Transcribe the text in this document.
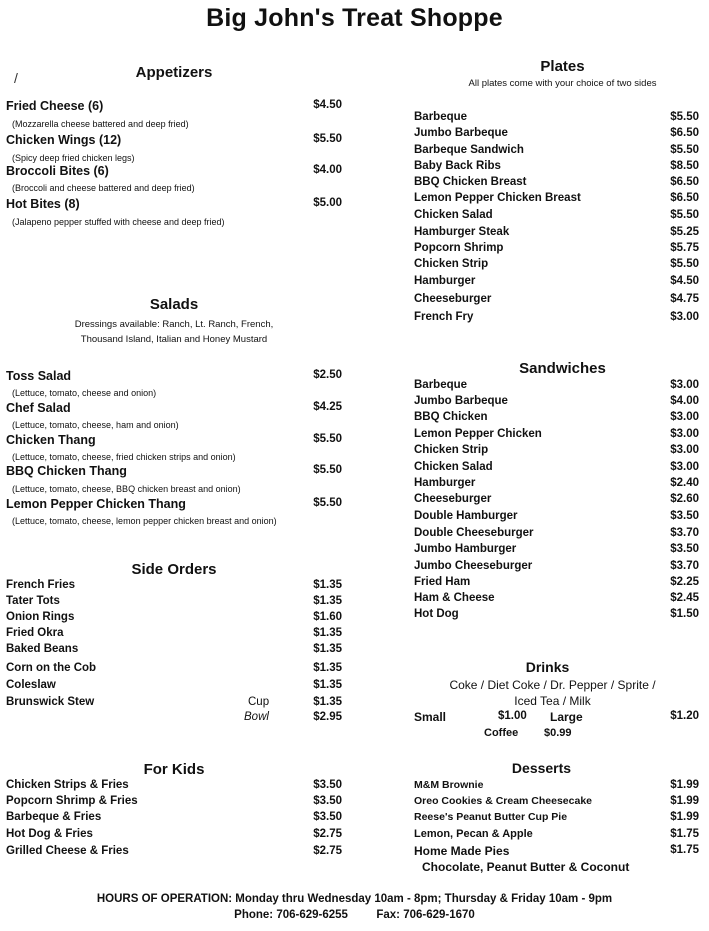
Big John's Treat Shoppe
/	Appetizers
Fried Cheese (6)	$4.50
(Mozzarella cheese battered and deep fried)
Chicken Wings (12)	$5.50
(Spicy deep fried chicken legs)
Broccoli Bites (6)	$4.00
(Broccoli and cheese battered and deep fried)
Hot Bites (8)	$5.00
(Jalapeno pepper stuffed with cheese and deep fried)
Salads
Dressings available: Ranch, Lt. Ranch, French,
Thousand Island, Italian and Honey Mustard
Toss Salad	$2.50
(Lettuce, tomato, cheese and onion)
Chef Salad	$4.25
(Lettuce, tomato, cheese, ham and onion)
Chicken Thang	$5.50
(Lettuce, tomato, cheese, fried chicken strips and onion)
BBQ Chicken Thang	$5.50
(Lettuce, tomato, cheese, BBQ chicken breast and onion)
Lemon Pepper Chicken Thang	$5.50
(Lettuce, tomato, cheese, lemon pepper chicken breast and onion)
Side Orders
French Fries	$1.35
Tater Tots	$1.35
Onion Rings	$1.60
Fried Okra	$1.35
Baked Beans	$1.35
Corn on the Cob	$1.35
Coleslaw	$1.35
Brunswick Stew	Cup	$1.35
Bowl	$2.95
For Kids
Chicken Strips & Fries	$3.50
Popcorn Shrimp & Fries	$3.50
Barbeque & Fries	$3.50
Hot Dog & Fries	$2.75
Grilled Cheese & Fries	$2.75
Plates
All plates come with your choice of two sides
Barbeque	$5.50
Jumbo Barbeque	$6.50
Barbeque Sandwich	$5.50
Baby Back Ribs	$8.50
BBQ Chicken Breast	$6.50
Lemon Pepper Chicken Breast	$6.50
Chicken Salad	$5.50
Hamburger Steak	$5.25
Popcorn Shrimp	$5.75
Chicken Strip	$5.50
Hamburger	$4.50
Cheeseburger	$4.75
French Fry	$3.00
Sandwiches
Barbeque	$3.00
Jumbo Barbeque	$4.00
BBQ Chicken	$3.00
Lemon Pepper Chicken	$3.00
Chicken Strip	$3.00
Chicken Salad	$3.00
Hamburger	$2.40
Cheeseburger	$2.60
Double Hamburger	$3.50
Double Cheeseburger	$3.70
Jumbo Hamburger	$3.50
Jumbo Cheeseburger	$3.70
Fried Ham	$2.25
Ham & Cheese	$2.45
Hot Dog	$1.50
Drinks
Coke / Diet Coke / Dr. Pepper / Sprite /
Iced Tea / Milk
Small	$1.00 Large	$1.20
Coffee $0.99
Desserts
M&M Brownie	$1.99
Oreo Cookies & Cream Cheesecake	$1.99
Reese's Peanut Butter Cup Pie	$1.99
Lemon, Pecan & Apple	$1.75
Home Made Pies	$1.75
Chocolate, Peanut Butter & Coconut
HOURS OF OPERATION: Monday thru Wednesday 10am - 8pm; Thursday & Friday 10am - 9pm
Phone: 706-629-6255 Fax: 706-629-1670
